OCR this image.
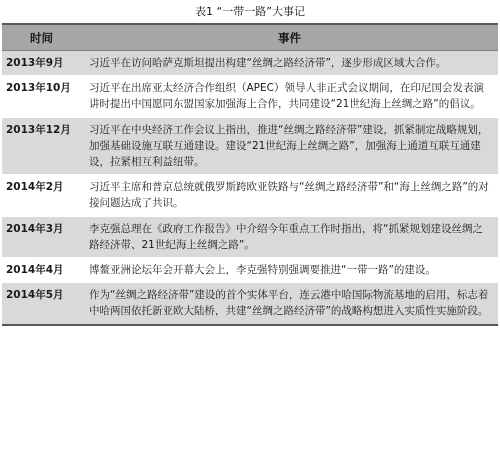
表1 “一带一路”大事记
时间	事件
2013年9月	习近平在访问哈萨克斯坦提出构建“丝绸之路经济带”，逐步形成区域大合作。
2013年10月	习近平在出席亚太经济合作组织（APEC）领导人非正式会议期间，在印尼国会发表演讲时提出中国愿同东盟国家加强海上合作，共同建设“21世纪海上丝绸之路”的倡议。
2013年12月	习近平在中央经济工作会议上指出，推进“丝绸之路经济带”建设，抓紧制定战略规划，加强基础设施互联互通建设。建设“21世纪海上丝绸之路”，加强海上通道互联互通建设，拉紧相互利益纽带。
2014年2月	习近平主席和普京总统就俄罗斯跨欧亚铁路与“丝绸之路经济带”和“海上丝绸之路”的对接问题达成了共识。
2014年3月	李克强总理在《政府工作报告》中介绍今年重点工作时指出，将“抓紧规划建设丝绸之路经济带、21世纪海上丝绸之路”。
2014年4月	博鳌亚洲论坛年会开幕大会上，李克强特别强调要推进“一带一路”的建设。
2014年5月	作为“丝绸之路经济带”建设的首个实体平台，连云港中哈国际物流基地的启用，标志着中哈两国依托新亚欧大陆桥，共建“丝绸之路经济带”的战略构想进入实质性实施阶段。
